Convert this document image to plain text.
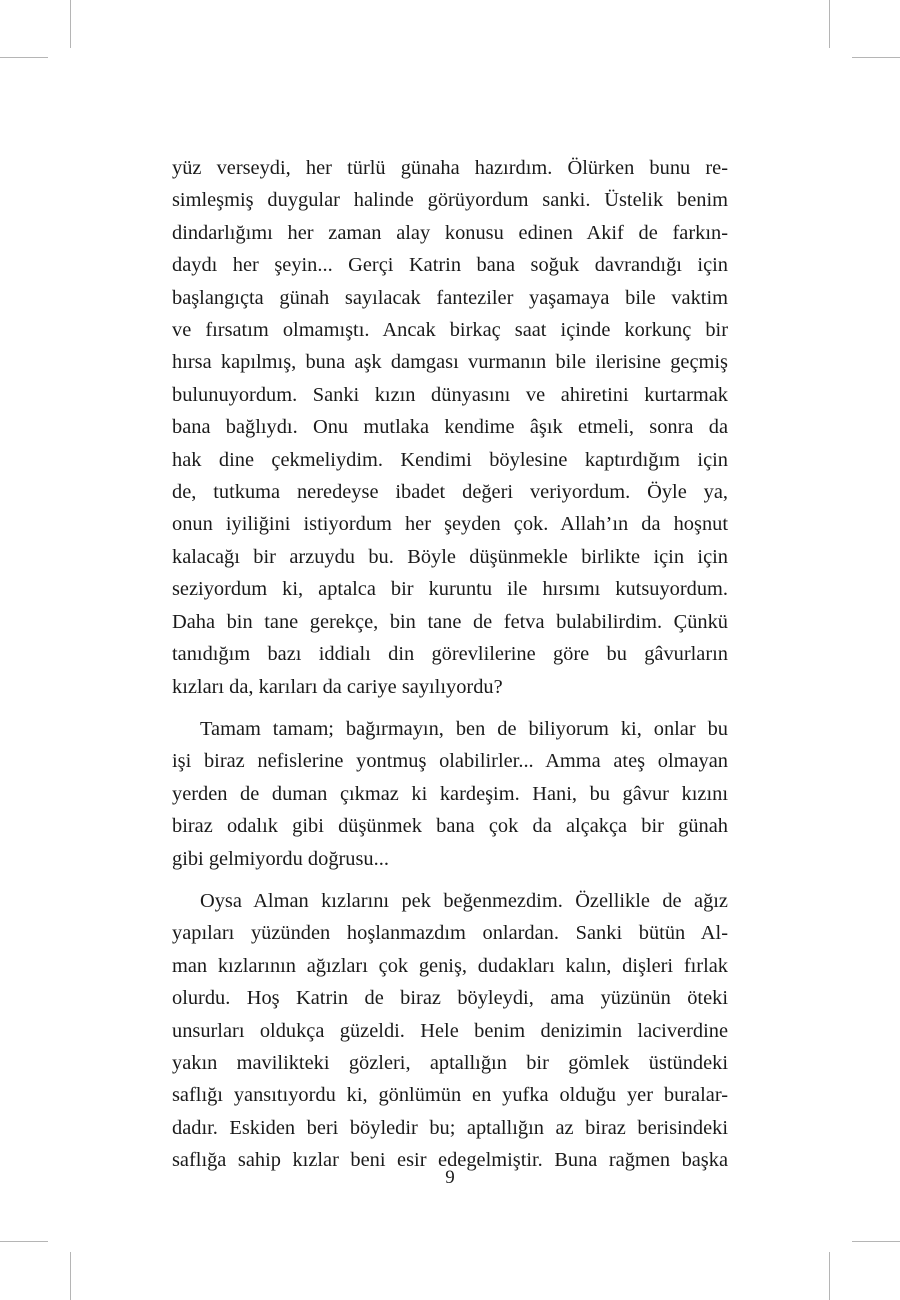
yüz verseydi, her türlü günaha hazırdım. Ölürken bunu re-
simleşmiş duygular halinde görüyordum sanki. Üstelik benim
dindarlığımı her zaman alay konusu edinen Akif de farkın-
daydı her şeyin... Gerçi Katrin bana soğuk davrandığı için
başlangıçta günah sayılacak fanteziler yaşamaya bile vaktim
ve fırsatım olmamıştı. Ancak birkaç saat içinde korkunç bir
hırsa kapılmış, buna aşk damgası vurmanın bile ilerisine geçmiş
bulunuyordum. Sanki kızın dünyasını ve ahiretini kurtarmak
bana bağlıydı. Onu mutlaka kendime âşık etmeli, sonra da
hak dine çekmeliydim. Kendimi böylesine kaptırdığım için
de, tutkuma neredeyse ibadet değeri veriyordum. Öyle ya,
onun iyiliğini istiyordum her şeyden çok. Allah’ın da hoşnut
kalacağı bir arzuydu bu. Böyle düşünmekle birlikte için için
seziyordum ki, aptalca bir kuruntu ile hırsımı kutsuyordum.
Daha bin tane gerekçe, bin tane de fetva bulabilirdim. Çünkü
tanıdığım bazı iddialı din görevlilerine göre bu gâvurların
kızları da, karıları da cariye sayılıyordu?
Tamam tamam; bağırmayın, ben de biliyorum ki, onlar bu
işi biraz nefislerine yontmuş olabilirler... Amma ateş olmayan
yerden de duman çıkmaz ki kardeşim. Hani, bu gâvur kızını
biraz odalık gibi düşünmek bana çok da alçakça bir günah
gibi gelmiyordu doğrusu...
Oysa Alman kızlarını pek beğenmezdim. Özellikle de ağız
yapıları yüzünden hoşlanmazdım onlardan. Sanki bütün Al-
man kızlarının ağızları çok geniş, dudakları kalın, dişleri fırlak
olurdu. Hoş Katrin de biraz böyleydi, ama yüzünün öteki
unsurları oldukça güzeldi. Hele benim denizimin laciverdine
yakın mavilikteki gözleri, aptallığın bir gömlek üstündeki
saflığı yansıtıyordu ki, gönlümün en yufka olduğu yer buralar-
dadır. Eskiden beri böyledir bu; aptallığın az biraz berisindeki
saflığa sahip kızlar beni esir edegelmiştir. Buna rağmen başka
9
